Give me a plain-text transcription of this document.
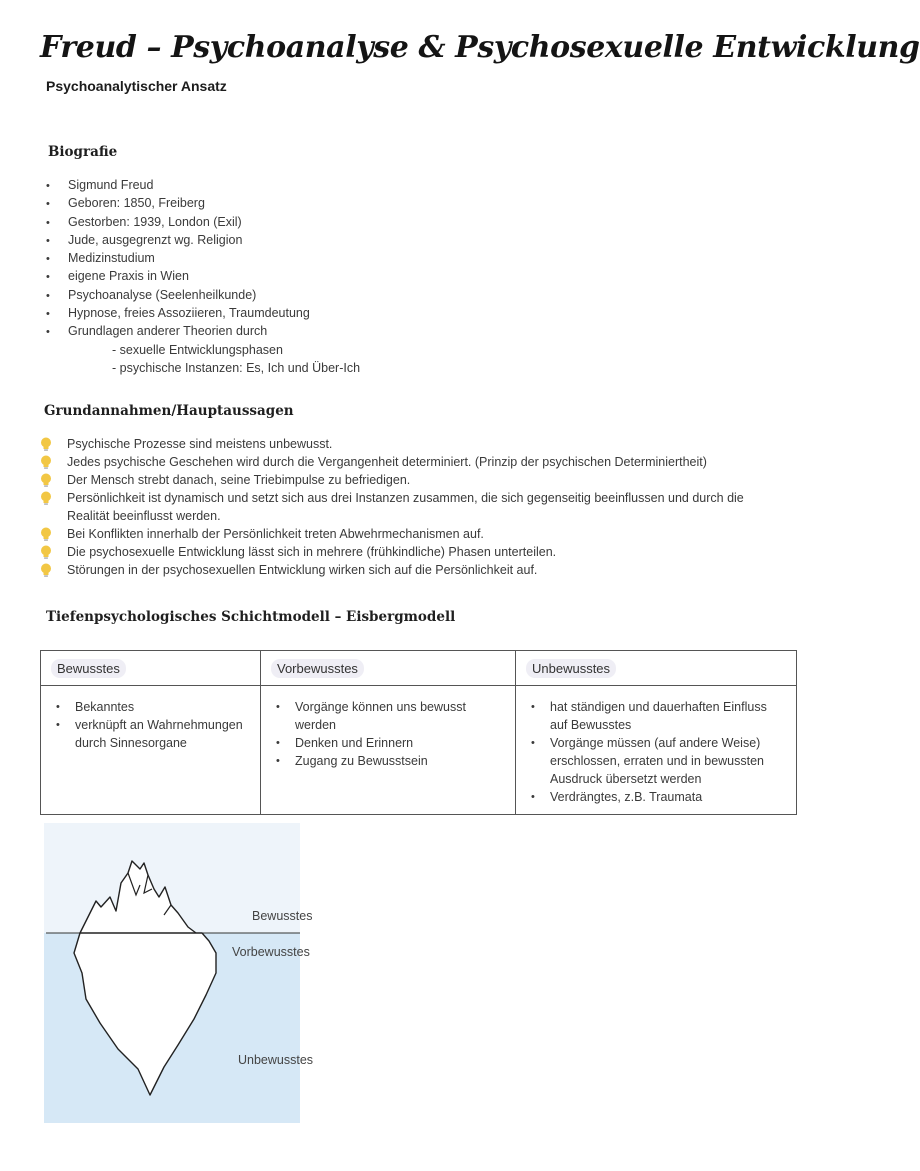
Freud – Psychoanalyse & Psychosexuelle Entwicklung
Psychoanalytischer Ansatz
Biografie
• Sigmund Freud
• Geboren: 1850, Freiberg
• Gestorben: 1939, London (Exil)
• Jude, ausgegrenzt wg. Religion
• Medizinstudium
• eigene Praxis in Wien
• Psychoanalyse (Seelenheilkunde)
• Hypnose, freies Assoziieren, Traumdeutung
• Grundlagen anderer Theorien durch
- sexuelle Entwicklungsphasen
- psychische Instanzen: Es, Ich und Über-Ich
Grundannahmen/Hauptaussagen
Psychische Prozesse sind meistens unbewusst.
Jedes psychische Geschehen wird durch die Vergangenheit determiniert. (Prinzip der psychischen Determiniertheit)
Der Mensch strebt danach, seine Triebimpulse zu befriedigen.
Persönlichkeit ist dynamisch und setzt sich aus drei Instanzen zusammen, die sich gegenseitig beeinflussen und durch die Realität beeinflusst werden.
Bei Konflikten innerhalb der Persönlichkeit treten Abwehrmechanismen auf.
Die psychosexuelle Entwicklung lässt sich in mehrere (frühkindliche) Phasen unterteilen.
Störungen in der psychosexuellen Entwicklung wirken sich auf die Persönlichkeit auf.
Tiefenpsychologisches Schichtmodell – Eisbergmodell
Bewusstes	Vorbewusstes	Unbewusstes
• Bekanntes
• verknüpft an Wahrnehmungen durch Sinnesorgane
• Vorgänge können uns bewusst werden
• Denken und Erinnern
• Zugang zu Bewusstsein
• hat ständigen und dauerhaften Einfluss auf Bewusstes
• Vorgänge müssen (auf andere Weise) erschlossen, erraten und in bewussten Ausdruck übersetzt werden
• Verdrängtes, z.B. Traumata
Bewusstes
Vorbewusstes
Unbewusstes
